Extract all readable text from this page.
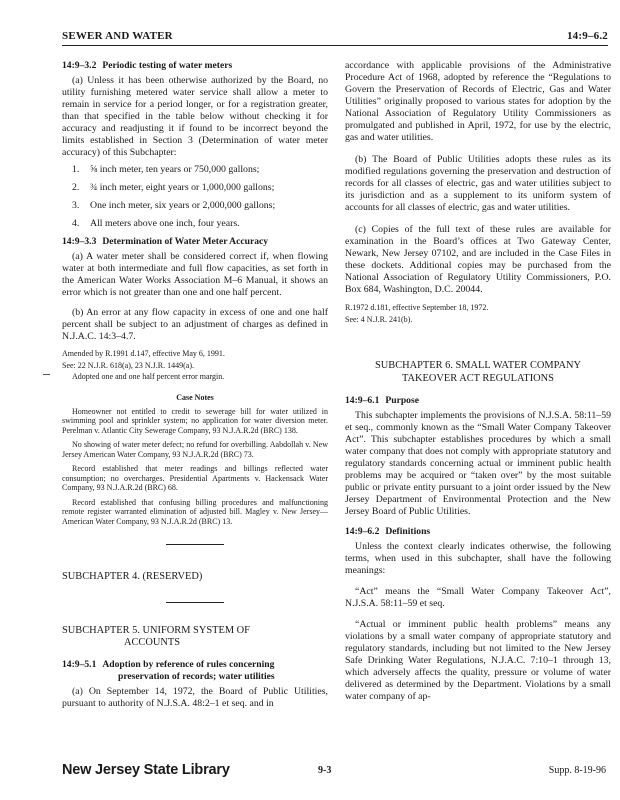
SEWER AND WATER	14:9–6.2
14:9–3.2 Periodic testing of water meters

(a) Unless it has been otherwise authorized by the Board, no utility furnishing metered water service shall allow a meter to remain in service for a period longer, or for a registration greater, than that specified in the table below without checking it for accuracy and readjusting it if found to be incorrect beyond the limits established in Section 3 (Determination of water meter accuracy) of this Subchapter:

1. ⅝ inch meter, ten years or 750,000 gallons;
2. ¾ inch meter, eight years or 1,000,000 gallons;
3. One inch meter, six years or 2,000,000 gallons;
4. All meters above one inch, four years.
14:9–3.3 Determination of Water Meter Accuracy

(a) A water meter shall be considered correct if, when flowing water at both intermediate and full flow capacities, as set forth in the American Water Works Association M–6 Manual, it shows an error which is not greater than one and one half percent.

(b) An error at any flow capacity in excess of one and one half percent shall be subject to an adjustment of charges as defined in N.J.A.C. 14:3–4.7.

Amended by R.1991 d.147, effective May 6, 1991.
See: 22 N.J.R. 618(a), 23 N.J.R. 1449(a).
Adopted one and one half percent error margin.
Case Notes
Homeowner not entitled to credit to sewerage bill for water utilized in swimming pool and sprinkler system; no application for water diversion meter. Perelman v. Atlantic City Sewerage Company, 93 N.J.A.R.2d (BRC) 138.
No showing of water meter defect; no refund for overbilling. Aabdollah v. New Jersey American Water Company, 93 N.J.A.R.2d (BRC) 73.
Record established that meter readings and billings reflected water consumption; no overcharges. Presidential Apartments v. Hackensack Water Company, 93 N.J.A.R.2d (BRC) 68.
Record established that confusing billing procedures and malfunctioning remote register warranted elimination of adjusted bill. Magley v. New Jersey—American Water Company, 93 N.J.A.R.2d (BRC) 13.
SUBCHAPTER 4. (RESERVED)
SUBCHAPTER 5. UNIFORM SYSTEM OF
ACCOUNTS
14:9–5.1 Adoption by reference of rules concerning preservation of records; water utilities

(a) On September 14, 1972, the Board of Public Utilities, pursuant to authority of N.J.S.A. 48:2–1 et seq. and in

accordance with applicable provisions of the Administrative Procedure Act of 1968, adopted by reference the “Regulations to Govern the Preservation of Records of Electric, Gas and Water Utilities” originally proposed to various states for adoption by the National Association of Regulatory Utility Commissioners as promulgated and published in April, 1972, for use by the electric, gas and water utilities.

(b) The Board of Public Utilities adopts these rules as its modified regulations governing the preservation and destruction of records for all classes of electric, gas and water utilities subject to its jurisdiction and as a supplement to its uniform system of accounts for all classes of electric, gas and water utilities.

(c) Copies of the full text of these rules are available for examination in the Board’s offices at Two Gateway Center, Newark, New Jersey 07102, and are included in the Case Files in these dockets. Additional copies may be purchased from the National Association of Regulatory Utility Commissioners, P.O. Box 684, Washington, D.C. 20044.

R.1972 d.181, effective September 18, 1972.
See: 4 N.J.R. 241(b).
SUBCHAPTER 6. SMALL WATER COMPANY
TAKEOVER ACT REGULATIONS
14:9–6.1 Purpose

This subchapter implements the provisions of N.J.S.A. 58:11–59 et seq., commonly known as the “Small Water Company Takeover Act”. This subchapter establishes procedures by which a small water company that does not comply with appropriate statutory and regulatory standards concerning actual or imminent public health problems may be acquired or “taken over” by the most suitable public or private entity pursuant to a joint order issued by the New Jersey Department of Environmental Protection and the New Jersey Board of Public Utilities.

14:9–6.2 Definitions

Unless the context clearly indicates otherwise, the following terms, when used in this subchapter, shall have the following meanings:

“Act” means the “Small Water Company Takeover Act”, N.J.S.A. 58:11–59 et seq.

“Actual or imminent public health problems” means any violations by a small water company of appropriate statutory and regulatory standards, including but not limited to the New Jersey Safe Drinking Water Regulations, N.J.A.C. 7:10–1 through 13, which adversely affects the quality, pressure or volume of water delivered as determined by the Department. Violations by a small water company of ap-

New Jersey State Library	9-3	Supp. 8-19-96
